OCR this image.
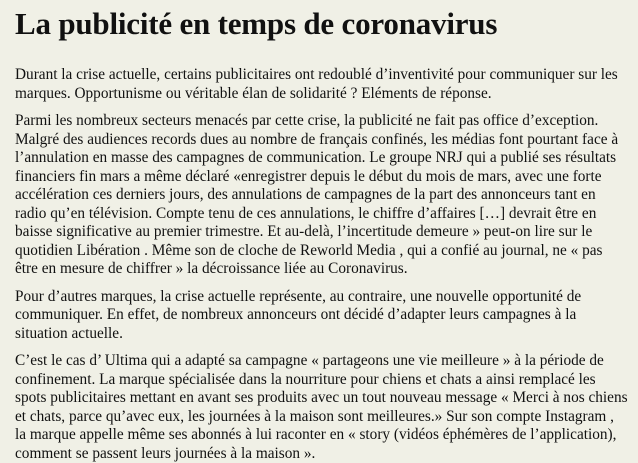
La publicité en temps de coronavirus

Durant la crise actuelle, certains publicitaires ont redoublé d’inventivité pour communiquer sur les marques. Opportunisme ou véritable élan de solidarité ? Eléments de réponse.

Parmi les nombreux secteurs menacés par cette crise, la publicité ne fait pas office d’exception. Malgré des audiences records dues au nombre de français confinés, les médias font pourtant face à l’annulation en masse des campagnes de communication. Le groupe NRJ qui a publié ses résultats financiers fin mars a même déclaré «enregistrer depuis le début du mois de mars, avec une forte accélération ces derniers jours, des annulations de campagnes de la part des annonceurs tant en radio qu’en télévision. Compte tenu de ces annulations, le chiffre d’affaires […] devrait être en baisse significative au premier trimestre. Et au-delà, l’incertitude demeure » peut-on lire sur le quotidien Libération . Même son de cloche de Reworld Media , qui a confié au journal, ne « pas être en mesure de chiffrer » la décroissance liée au Coronavirus.

Pour d’autres marques, la crise actuelle représente, au contraire, une nouvelle opportunité de communiquer. En effet, de nombreux annonceurs ont décidé d’adapter leurs campagnes à la situation actuelle.

C’est le cas d’ Ultima qui a adapté sa campagne « partageons une vie meilleure » à la période de confinement. La marque spécialisée dans la nourriture pour chiens et chats a ainsi remplacé les spots publicitaires mettant en avant ses produits avec un tout nouveau message « Merci à nos chiens et chats, parce qu’avec eux, les journées à la maison sont meilleures.» Sur son compte Instagram , la marque appelle même ses abonnés à lui raconter en « story (vidéos éphémères de l’application), comment se passent leurs journées à la maison ».
